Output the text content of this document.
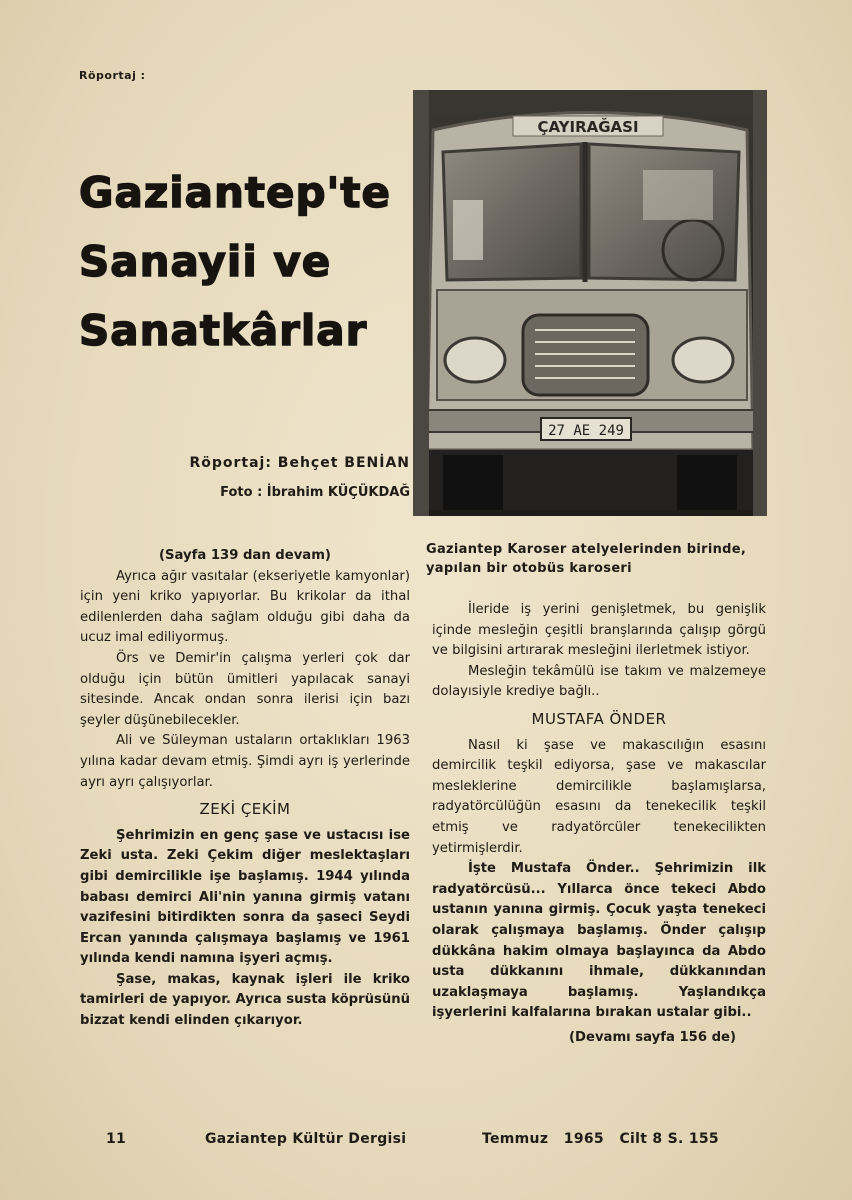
Röportaj :
Gaziantep'te Sanayii ve Sanatkârlar
Röportaj: Behçet BENİAN
Foto : İbrahim KÜÇÜKDAĞ
ÇAYIRAĞASI
27 AE 249
Gaziantep Karoser atelyelerinden birinde, yapılan bir otobüs karoseri

(Sayfa 139 dan devam)

Ayrıca ağır vasıtalar (ekseriyetle kamyonlar) için yeni kriko yapıyorlar. Bu krikolar da ithal edilenlerden daha sağlam olduğu gibi daha da ucuz imal ediliyormuş.

Örs ve Demir'in çalışma yerleri çok dar olduğu için bütün ümitleri yapılacak sanayi sitesinde. Ancak ondan sonra ilerisi için bazı şeyler düşünebilecekler.

Ali ve Süleyman ustaların ortaklıkları 1963 yılına kadar devam etmiş. Şimdi ayrı iş yerlerinde ayrı ayrı çalışıyorlar.

ZEKİ ÇEKİM

Şehrimizin en genç şase ve ustacısı ise Zeki usta. Zeki Çekim diğer meslektaşları gibi demircilikle işe başlamış. 1944 yılında babası demirci Ali'nin yanına girmiş vatanı vazifesini bitirdikten sonra da şaseci Seydi Ercan yanında çalışmaya başlamış ve 1961 yılında kendi namına işyeri açmış.

Şase, makas, kaynak işleri ile kriko tamirleri de yapıyor. Ayrıca susta köprüsünü bizzat kendi elinden çıkarıyor.

İleride iş yerini genişletmek, bu genişlik içinde mesleğin çeşitli branşlarında çalışıp görgü ve bilgisini artırarak mesleğini ilerletmek istiyor.

Mesleğin tekâmülü ise takım ve malzemeye dolayısiyle krediye bağlı..

MUSTAFA ÖNDER

Nasıl ki şase ve makascılığın esasını demircilik teşkil ediyorsa, şase ve makascılar mesleklerine demircilikle başlamışlarsa, radyatörcülüğün esasını da tenekecilik teşkil etmiş ve radyatörcüler tenekecilikten yetirmişlerdir.

İşte Mustafa Önder.. Şehrimizin ilk radyatörcüsü... Yıllarca önce tekeci Abdo ustanın yanına girmiş. Çocuk yaşta tenekeci olarak çalışmaya başlamış. Önder çalışıp dükkâna hakim olmaya başlayınca da Abdo usta dükkanını ihmale, dükkanından uzaklaşmaya başlamış. Yaşlandıkça işyerlerini kalfalarına bırakan ustalar gibi..

(Devamı sayfa 156 de)

11	Gaziantep Kültür Dergisi	Temmuz   1965   Cilt 8 S. 155
